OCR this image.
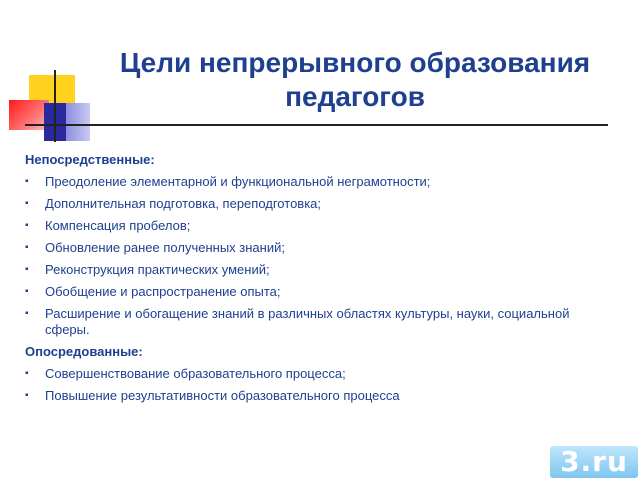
Цели непрерывного образования педагогов
Непосредственные:
▪ Преодоление элементарной и функциональной неграмотности;
▪ Дополнительная подготовка, переподготовка;
▪ Компенсация пробелов;
▪ Обновление ранее полученных знаний;
▪ Реконструкция практических умений;
▪ Обобщение и распространение опыта;
▪ Расширение и обогащение знаний в различных областях культуры, науки, социальной сферы.
Опосредованные:
▪ Совершенствование образовательного процесса;
▪ Повышение результативности образовательного процесса
3.ru
